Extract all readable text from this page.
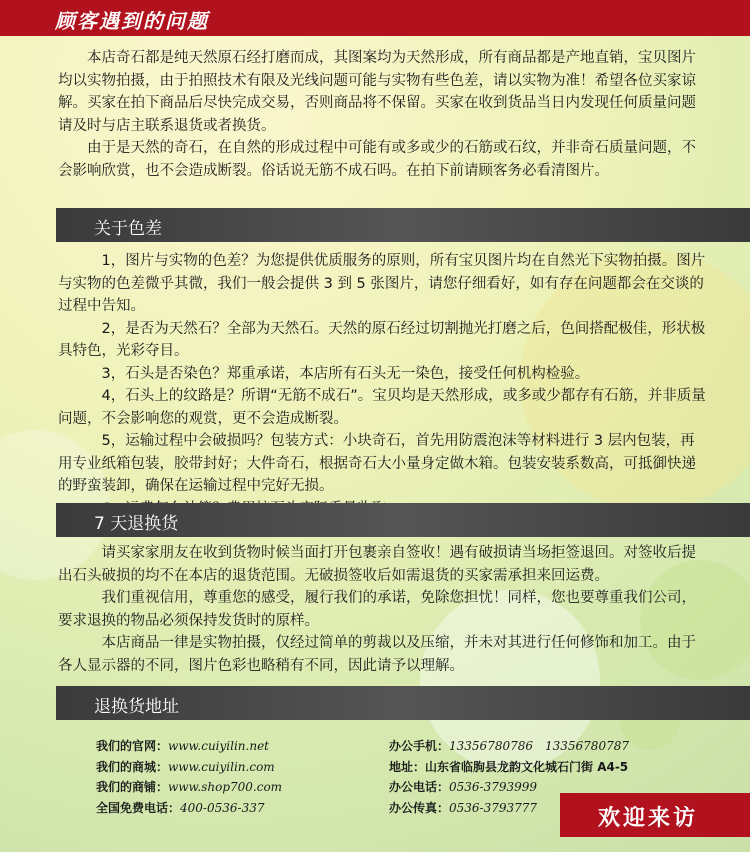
顾客遇到的问题

本店奇石都是纯天然原石经打磨而成，其图案均为天然形成，所有商品都是产地直销，宝贝图片均以实物拍摄，由于拍照技术有限及光线问题可能与实物有些色差，请以实物为准！希望各位买家谅解。买家在拍下商品后尽快完成交易，否则商品将不保留。买家在收到货品当日内发现任何质量问题请及时与店主联系退货或者换货。

由于是天然的奇石，在自然的形成过程中可能有或多或少的石筋或石纹，并非奇石质量问题，不会影响欣赏，也不会造成断裂。俗话说无筋不成石吗。在拍下前请顾客务必看清图片。

关于色差

1，图片与实物的色差？为您提供优质服务的原则，所有宝贝图片均在自然光下实物拍摄。图片与实物的色差微乎其微，我们一般会提供 3 到 5 张图片，请您仔细看好，如有存在问题都会在交谈的过程中告知。

2，是否为天然石？全部为天然石。天然的原石经过切割抛光打磨之后，色间搭配极佳，形状极具特色，光彩夺目。

3，石头是否染色？郑重承诺，本店所有石头无一染色，接受任何机构检验。

4，石头上的纹路是？所谓“无筋不成石”。宝贝均是天然形成，或多或少都存有石筋，并非质量问题，不会影响您的观赏，更不会造成断裂。

5，运输过程中会破损吗？包装方式：小块奇石，首先用防震泡沫等材料进行 3 层内包装，再用专业纸箱包装，胶带封好；大件奇石，根据奇石大小量身定做木箱。包装安装系数高，可抵御快递的野蛮装卸，确保在运输过程中完好无损。

7 天退换货

请买家家朋友在收到货物时候当面打开包裹亲自签收！遇有破损请当场拒签退回。对签收后提出石头破损的均不在本店的退货范围。无破损签收后如需退货的买家需承担来回运费。

我们重视信用，尊重您的感受，履行我们的承诺，免除您担忧！同样，您也要尊重我们公司，要求退换的物品必须保持发货时的原样。

本店商品一律是实物拍摄，仅经过简单的剪裁以及压缩，并未对其进行任何修饰和加工。由于各人显示器的不同，图片色彩也略稍有不同，因此请予以理解。

退换货地址
我们的官网：www.cuiyilin.net	办公手机：13356780786　13356780787
我们的商城：www.cuiyilin.com	地址：山东省临朐县龙韵文化城石门街 A4-5
我们的商铺：www.shop700.com	办公电话：0536-3793999
全国免费电话：400-0536-337	办公传真：0536-3793777	欢迎来访
